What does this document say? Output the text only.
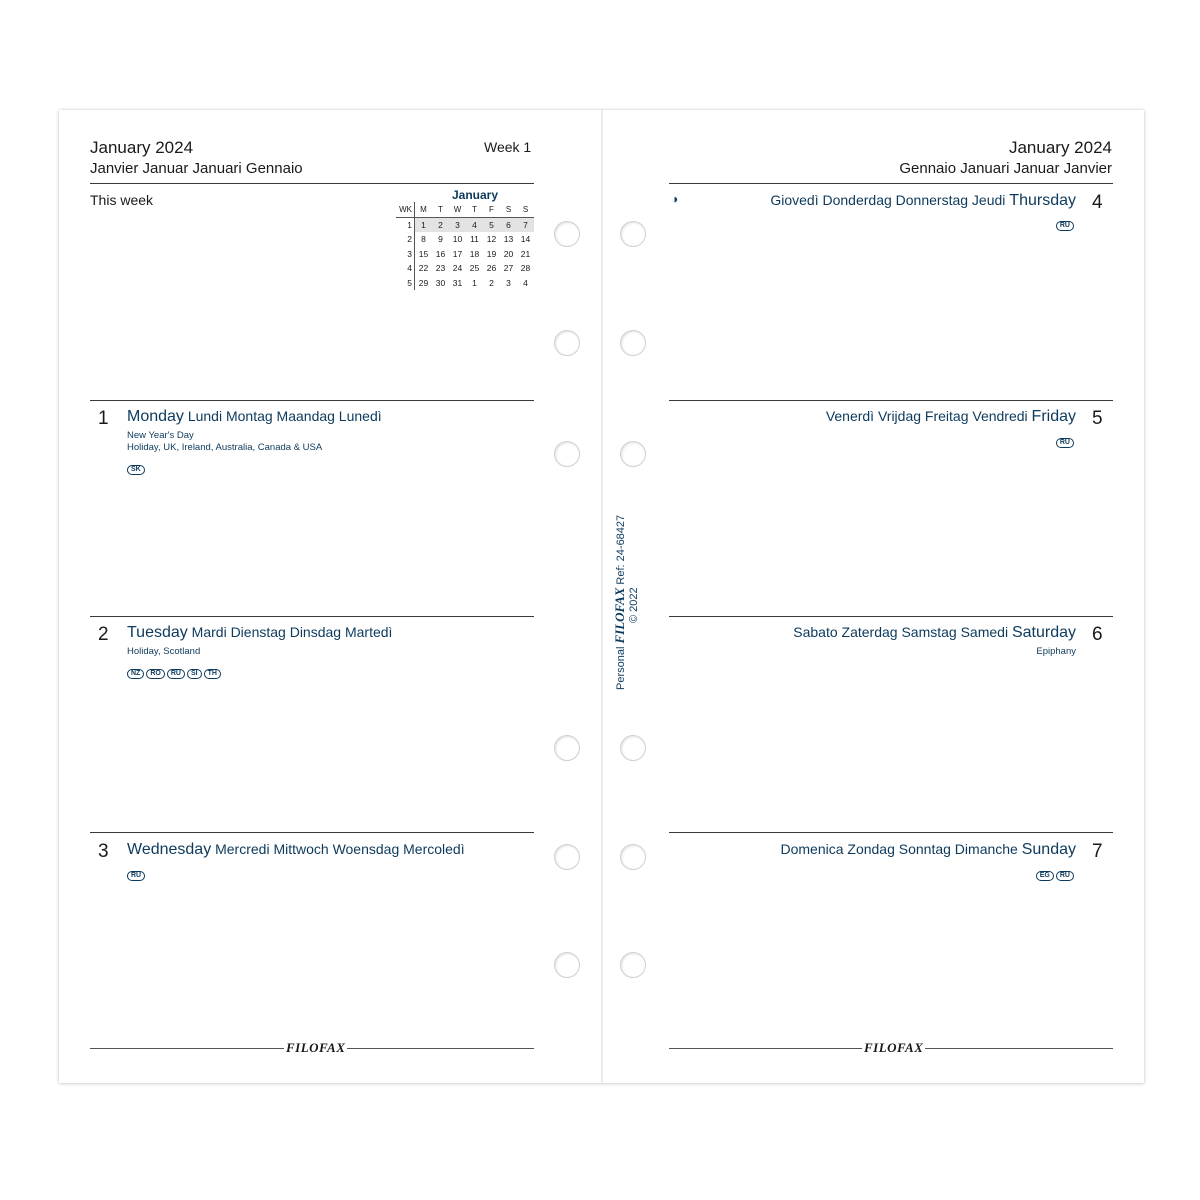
January 2024
Janvier Januar Januari Gennaio
Week 1
This week	January
WK	M	T	W	T	F	S	S
1	1	2	3	4	5	6	7
2	8	9	10	11	12	13	14
3	15	16	17	18	19	20	21
4	22	23	24	25	26	27	28
5	29	30	31	1	2	3	4
1 Monday Lundi Montag Maandag Lunedì
New Year's Day
Holiday, UK, Ireland, Australia, Canada & USA
SK
2 Tuesday Mardi Dienstag Dinsdag Martedì
Holiday, Scotland
NZ RO RU SI TH
3 Wednesday Mercredi Mittwoch Woensdag Mercoledì
RU
FILOFAX
January 2024
Gennaio Januari Januar Janvier
◑	Giovedì Donderdag Donnerstag Jeudi Thursday 4
RU
Venerdì Vrijdag Freitag Vendredi Friday 5
RU
Sabato Zaterdag Samstag Samedi Saturday 6
Epiphany
Domenica Zondag Sonntag Dimanche Sunday 7
EG RU
FILOFAX
Personal FILOFAX Ref: 24-68427
© 2022
